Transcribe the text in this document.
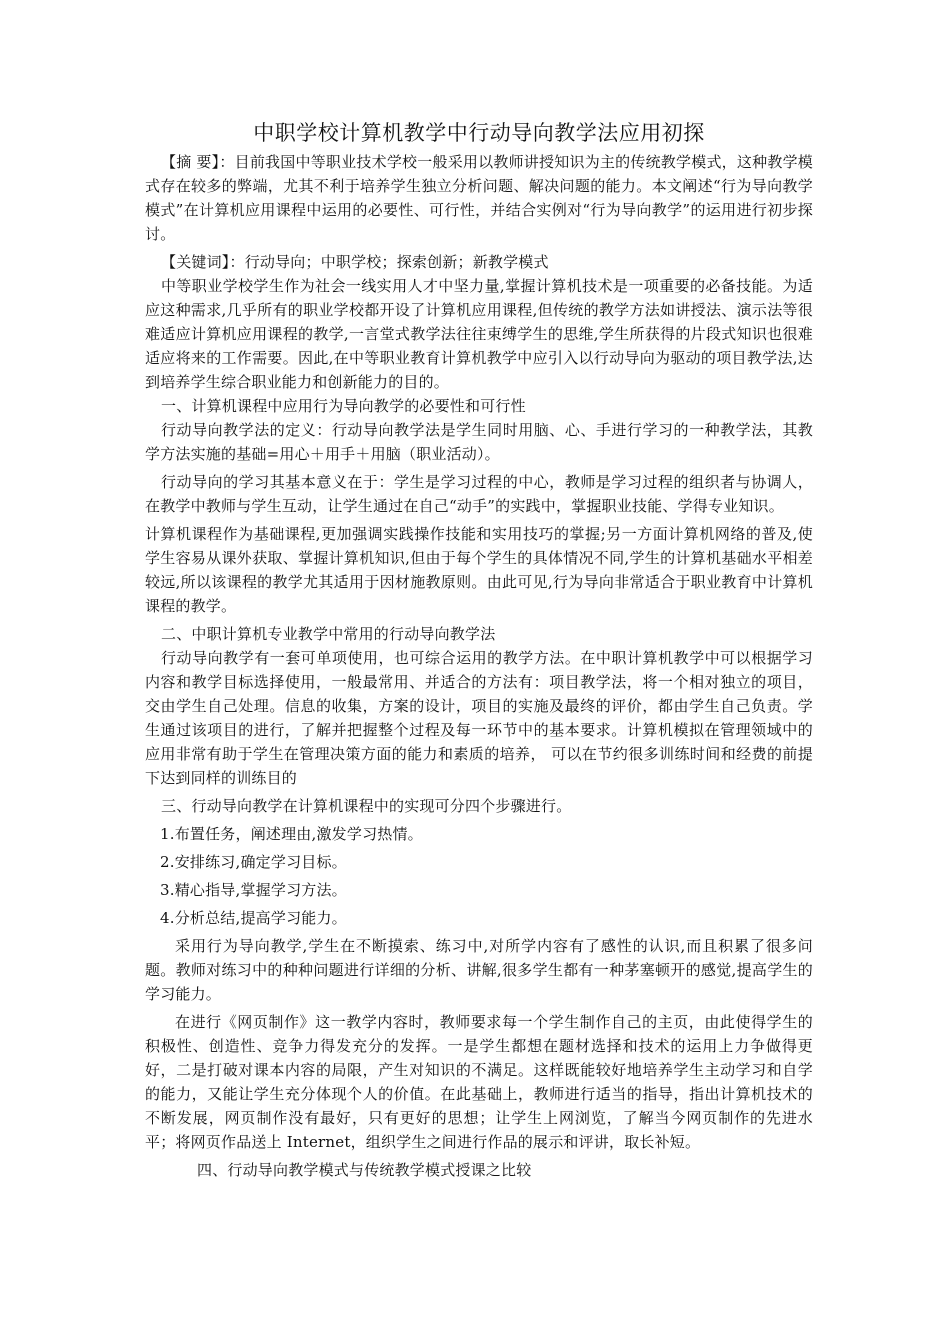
中职学校计算机教学中行动导向教学法应用初探

【摘 要】：目前我国中等职业技术学校一般采用以教师讲授知识为主的传统教学模式，这种教学模式存在较多的弊端，尤其不利于培养学生独立分析问题、解决问题的能力。本文阐述“行为导向教学模式”在计算机应用课程中运用的必要性、可行性，并结合实例对“行为导向教学”的运用进行初步探讨。

【关键词】：行动导向；中职学校；探索创新；新教学模式

中等职业学校学生作为社会一线实用人才中坚力量,掌握计算机技术是一项重要的必备技能。为适应这种需求,几乎所有的职业学校都开设了计算机应用课程,但传统的教学方法如讲授法、演示法等很难适应计算机应用课程的教学,一言堂式教学法往往束缚学生的思维,学生所获得的片段式知识也很难适应将来的工作需要。因此,在中等职业教育计算机教学中应引入以行动导向为驱动的项目教学法,达到培养学生综合职业能力和创新能力的目的。

一、计算机课程中应用行为导向教学的必要性和可行性

行动导向教学法的定义：行动导向教学法是学生同时用脑、心、手进行学习的一种教学法，其教学方法实施的基础=用心＋用手＋用脑（职业活动）。

行动导向的学习其基本意义在于：学生是学习过程的中心，教师是学习过程的组织者与协调人，在教学中教师与学生互动，让学生通过在自己“动手”的实践中，掌握职业技能、学得专业知识。

计算机课程作为基础课程,更加强调实践操作技能和实用技巧的掌握;另一方面计算机网络的普及,使学生容易从课外获取、掌握计算机知识,但由于每个学生的具体情况不同,学生的计算机基础水平相差较远,所以该课程的教学尤其适用于因材施教原则。由此可见,行为导向非常适合于职业教育中计算机课程的教学。

二、中职计算机专业教学中常用的行动导向教学法

行动导向教学有一套可单项使用，也可综合运用的教学方法。在中职计算机教学中可以根据学习内容和教学目标选择使用，一般最常用、并适合的方法有：项目教学法，将一个相对独立的项目，交由学生自己处理。信息的收集，方案的设计，项目的实施及最终的评价，都由学生自己负责。学生通过该项目的进行，了解并把握整个过程及每一环节中的基本要求。计算机模拟在管理领域中的应用非常有助于学生在管理决策方面的能力和素质的培养， 可以在节约很多训练时间和经费的前提下达到同样的训练目的

三、行动导向教学在计算机课程中的实现可分四个步骤进行。

1.布置任务，阐述理由,激发学习热情。

2.安排练习,确定学习目标。

3.精心指导,掌握学习方法。

4.分析总结,提高学习能力。

采用行为导向教学,学生在不断摸索、练习中,对所学内容有了感性的认识,而且积累了很多问题。教师对练习中的种种问题进行详细的分析、讲解,很多学生都有一种茅塞顿开的感觉,提高学生的学习能力。

在进行《网页制作》这一教学内容时，教师要求每一个学生制作自己的主页，由此使得学生的积极性、创造性、竞争力得发充分的发挥。一是学生都想在题材选择和技术的运用上力争做得更好，二是打破对课本内容的局限，产生对知识的不满足。这样既能较好地培养学生主动学习和自学的能力，又能让学生充分体现个人的价值。在此基础上，教师进行适当的指导，指出计算机技术的不断发展，网页制作没有最好，只有更好的思想；让学生上网浏览，了解当今网页制作的先进水平；将网页作品送上 Internet，组织学生之间进行作品的展示和评讲，取长补短。

四、行动导向教学模式与传统教学模式授课之比较
